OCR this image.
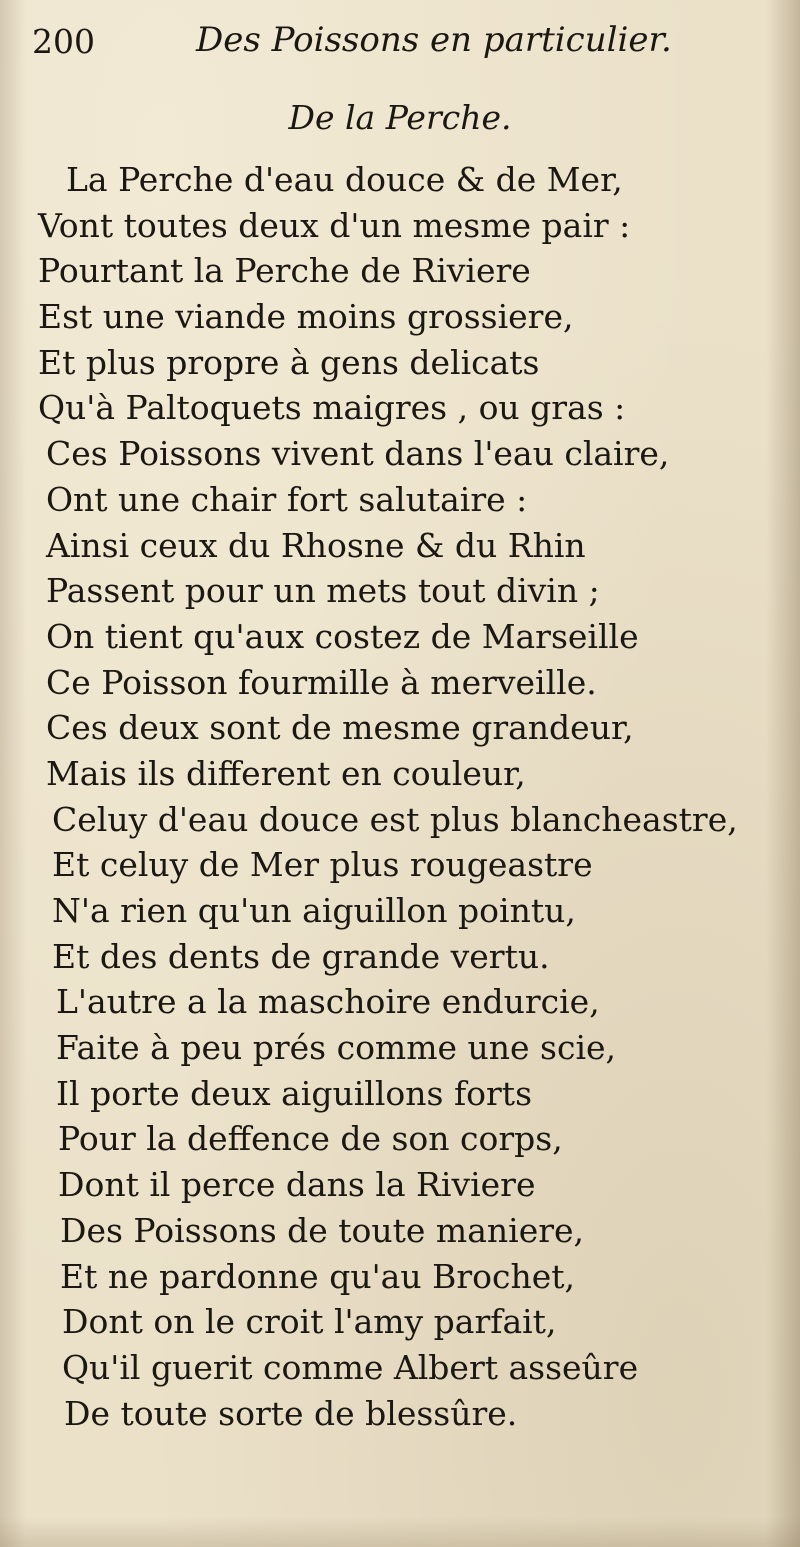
200	Des Poissons en particulier.
De la Perche.
La Perche d'eau douce & de Mer,
Vont toutes deux d'un mesme pair :
Pourtant la Perche de Riviere
Est une viande moins grossiere,
Et plus propre à gens delicats
Qu'à Paltoquets maigres , ou gras :
Ces Poissons vivent dans l'eau claire,
Ont une chair fort salutaire :
Ainsi ceux du Rhosne & du Rhin
Passent pour un mets tout divin ;
On tient qu'aux costez de Marseille
Ce Poisson fourmille à merveille.
Ces deux sont de mesme grandeur,
Mais ils different en couleur,
Celuy d'eau douce est plus blancheastre,
Et celuy de Mer plus rougeastre
N'a rien qu'un aiguillon pointu,
Et des dents de grande vertu.
L'autre a la maschoire endurcie,
Faite à peu prés comme une scie,
Il porte deux aiguillons forts
Pour la deffence de son corps,
Dont il perce dans la Riviere
Des Poissons de toute maniere,
Et ne pardonne qu'au Brochet,
Dont on le croit l'amy parfait,
Qu'il guerit comme Albert asseûre
De toute sorte de blessûre.
